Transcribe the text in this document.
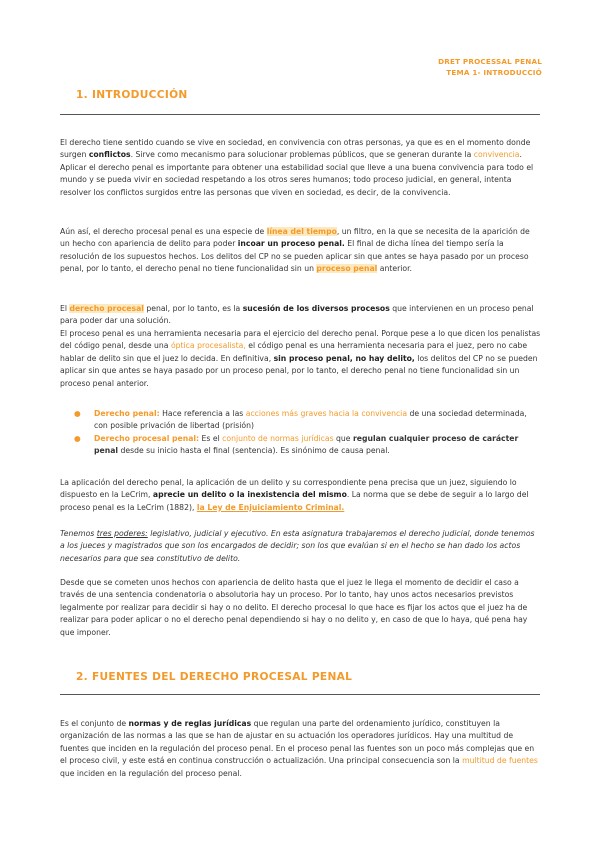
DRET PROCESSAL PENAL
TEMA 1- INTRODUCCIÓ
1. INTRODUCCIÓN

El derecho tiene sentido cuando se vive en sociedad, en convivencia con otras personas, ya que es en el momento donde surgen conflictos. Sirve como mecanismo para solucionar problemas públicos, que se generan durante la convivencia. Aplicar el derecho penal es importante para obtener una estabilidad social que lleve a una buena convivencia para todo el mundo y se pueda vivir en sociedad respetando a los otros seres humanos; todo proceso judicial, en general, intenta resolver los conflictos surgidos entre las personas que viven en sociedad, es decir, de la convivencia.

Aún así, el derecho procesal penal es una especie de línea del tiempo, un filtro, en la que se necesita de la aparición de un hecho con apariencia de delito para poder incoar un proceso penal. El final de dicha línea del tiempo sería la resolución de los supuestos hechos. Los delitos del CP no se pueden aplicar sin que antes se haya pasado por un proceso penal, por lo tanto, el derecho penal no tiene funcionalidad sin un proceso penal anterior.

El derecho procesal penal, por lo tanto, es la sucesión de los diversos procesos que intervienen en un proceso penal para poder dar una solución.

El proceso penal es una herramienta necesaria para el ejercicio del derecho penal. Porque pese a lo que dicen los penalistas del código penal, desde una óptica procesalista, el código penal es una herramienta necesaria para el juez, pero no cabe hablar de delito sin que el juez lo decida. En definitiva, sin proceso penal, no hay delito, los delitos del CP no se pueden aplicar sin que antes se haya pasado por un proceso penal, por lo tanto, el derecho penal no tiene funcionalidad sin un proceso penal anterior.

● Derecho penal: Hace referencia a las acciones más graves hacia la convivencia de una sociedad determinada, con posible privación de libertad (prisión)
● Derecho procesal penal: Es el conjunto de normas jurídicas que regulan cualquier proceso de carácter penal desde su inicio hasta el final (sentencia). Es sinónimo de causa penal.

La aplicación del derecho penal, la aplicación de un delito y su correspondiente pena precisa que un juez, siguiendo lo dispuesto en la LeCrim, aprecie un delito o la inexistencia del mismo. La norma que se debe de seguir a lo largo del proceso penal es la LeCrim (1882), la Ley de Enjuiciamiento Criminal.

Tenemos tres poderes: legislativo, judicial y ejecutivo. En esta asignatura trabajaremos el derecho judicial, donde tenemos a los jueces y magistrados que son los encargados de decidir; son los que evalúan si en el hecho se han dado los actos necesarios para que sea constitutivo de delito.

Desde que se cometen unos hechos con apariencia de delito hasta que el juez le llega el momento de decidir el caso a través de una sentencia condenatoria o absolutoria hay un proceso. Por lo tanto, hay unos actos necesarios previstos legalmente por realizar para decidir si hay o no delito. El derecho procesal lo que hace es fijar los actos que el juez ha de realizar para poder aplicar o no el derecho penal dependiendo si hay o no delito y, en caso de que lo haya, qué pena hay que imponer.

2. FUENTES DEL DERECHO PROCESAL PENAL

Es el conjunto de normas y de reglas jurídicas que regulan una parte del ordenamiento jurídico, constituyen la organización de las normas a las que se han de ajustar en su actuación los operadores jurídicos. Hay una multitud de fuentes que inciden en la regulación del proceso penal. En el proceso penal las fuentes son un poco más complejas que en el proceso civil, y este está en continua construcción o actualización. Una principal consecuencia son la multitud de fuentes que inciden en la regulación del proceso penal.
